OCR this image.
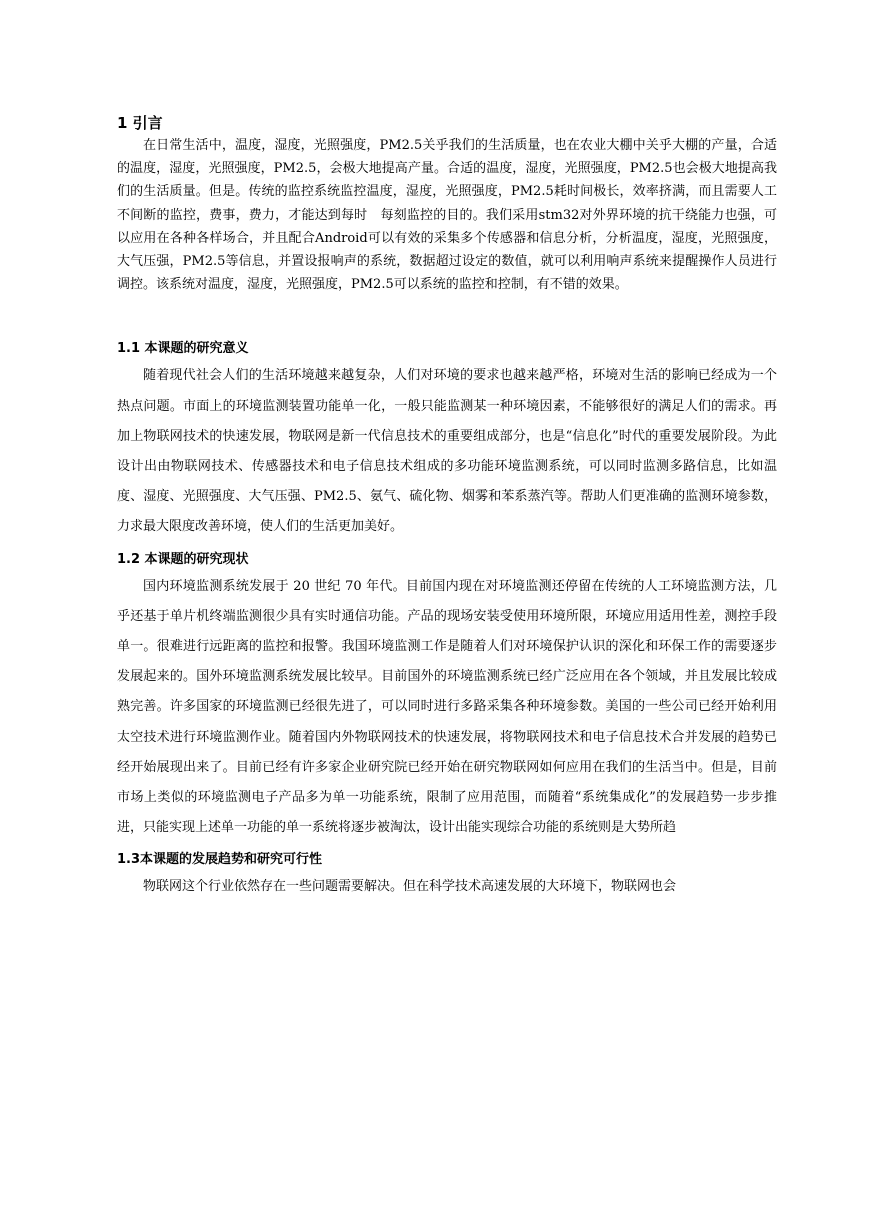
1 引言

在日常生活中，温度，湿度，光照强度，PM2.5关乎我们的生活质量，也在农业大棚中关乎大棚的产量，合适的温度，湿度，光照强度，PM2.5，会极大地提高产量。合适的温度，湿度，光照强度，PM2.5也会极大地提高我们的生活质量。但是。传统的监控系统监控温度，湿度，光照强度，PM2.5耗时间极长，效率挤满，而且需要人工不间断的监控，费事，费力，才能达到每时　每刻监控的目的。我们采用stm32对外界环境的抗干绕能力也强，可以应用在各种各样场合，并且配合Android可以有效的采集多个传感器和信息分析，分析温度，湿度，光照强度，大气压强，PM2.5等信息，并置设报响声的系统，数据超过设定的数值，就可以利用响声系统来提醒操作人员进行调控。该系统对温度，湿度，光照强度，PM2.5可以系统的监控和控制，有不错的效果。

1.1 本课题的研究意义

随着现代社会人们的生活环境越来越复杂，人们对环境的要求也越来越严格，环境对生活的影响已经成为一个热点问题。市面上的环境监测装置功能单一化，一般只能监测某一种环境因素，不能够很好的满足人们的需求。再加上物联网技术的快速发展，物联网是新一代信息技术的重要组成部分，也是“信息化”时代的重要发展阶段。为此设计出由物联网技术、传感器技术和电子信息技术组成的多功能环境监测系统，可以同时监测多路信息，比如温度、湿度、光照强度、大气压强、PM2.5、氨气、硫化物、烟雾和苯系蒸汽等。帮助人们更准确的监测环境参数，力求最大限度改善环境，使人们的生活更加美好。

1.2 本课题的研究现状

国内环境监测系统发展于 20 世纪 70 年代。目前国内现在对环境监测还停留在传统的人工环境监测方法，几乎还基于单片机终端监测很少具有实时通信功能。产品的现场安装受使用环境所限，环境应用适用性差，测控手段单一。很难进行远距离的监控和报警。我国环境监测工作是随着人们对环境保护认识的深化和环保工作的需要逐步发展起来的。国外环境监测系统发展比较早。目前国外的环境监测系统已经广泛应用在各个领域，并且发展比较成熟完善。许多国家的环境监测已经很先进了，可以同时进行多路采集各种环境参数。美国的一些公司已经开始利用太空技术进行环境监测作业。随着国内外物联网技术的快速发展，将物联网技术和电子信息技术合并发展的趋势已经开始展现出来了。目前已经有许多家企业研究院已经开始在研究物联网如何应用在我们的生活当中。但是，目前市场上类似的环境监测电子产品多为单一功能系统，限制了应用范围，而随着“系统集成化”的发展趋势一步步推进，只能实现上述单一功能的单一系统将逐步被淘汰，设计出能实现综合功能的系统则是大势所趋

1.3本课题的发展趋势和研究可行性

物联网这个行业依然存在一些问题需要解决。但在科学技术高速发展的大环境下，物联网也会
